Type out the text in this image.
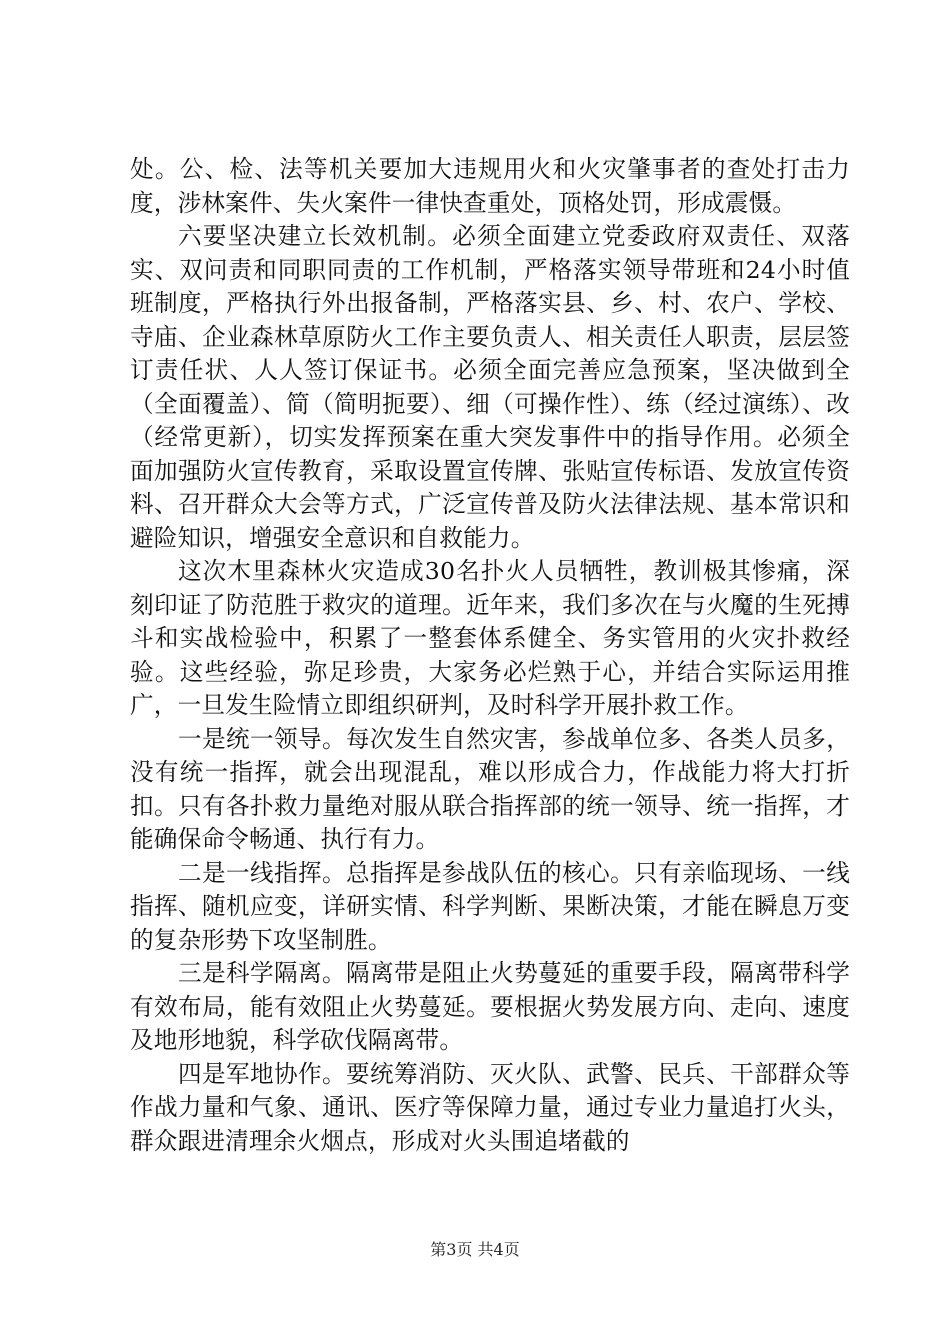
处。公、检、法等机关要加大违规用火和火灾肇事者的查处打击力度，涉林案件、失火案件一律快查重处，顶格处罚，形成震慑。

六要坚决建立长效机制。必须全面建立党委政府双责任、双落实、双问责和同职同责的工作机制，严格落实领导带班和24小时值班制度，严格执行外出报备制，严格落实县、乡、村、农户、学校、寺庙、企业森林草原防火工作主要负责人、相关责任人职责，层层签订责任状、人人签订保证书。必须全面完善应急预案，坚决做到全（全面覆盖）、简（简明扼要）、细（可操作性）、练（经过演练）、改（经常更新），切实发挥预案在重大突发事件中的指导作用。必须全面加强防火宣传教育，采取设置宣传牌、张贴宣传标语、发放宣传资料、召开群众大会等方式，广泛宣传普及防火法律法规、基本常识和避险知识，增强安全意识和自救能力。

这次木里森林火灾造成30名扑火人员牺牲，教训极其惨痛，深刻印证了防范胜于救灾的道理。近年来，我们多次在与火魔的生死搏斗和实战检验中，积累了一整套体系健全、务实管用的火灾扑救经验。这些经验，弥足珍贵，大家务必烂熟于心，并结合实际运用推广，一旦发生险情立即组织研判，及时科学开展扑救工作。

一是统一领导。每次发生自然灾害，参战单位多、各类人员多，没有统一指挥，就会出现混乱，难以形成合力，作战能力将大打折扣。只有各扑救力量绝对服从联合指挥部的统一领导、统一指挥，才能确保命令畅通、执行有力。

二是一线指挥。总指挥是参战队伍的核心。只有亲临现场、一线指挥、随机应变，详研实情、科学判断、果断决策，才能在瞬息万变的复杂形势下攻坚制胜。

三是科学隔离。隔离带是阻止火势蔓延的重要手段，隔离带科学有效布局，能有效阻止火势蔓延。要根据火势发展方向、走向、速度及地形地貌，科学砍伐隔离带。

四是军地协作。要统筹消防、灭火队、武警、民兵、干部群众等作战力量和气象、通讯、医疗等保障力量，通过专业力量追打火头，群众跟进清理余火烟点，形成对火头围追堵截的

第3页 共4页
